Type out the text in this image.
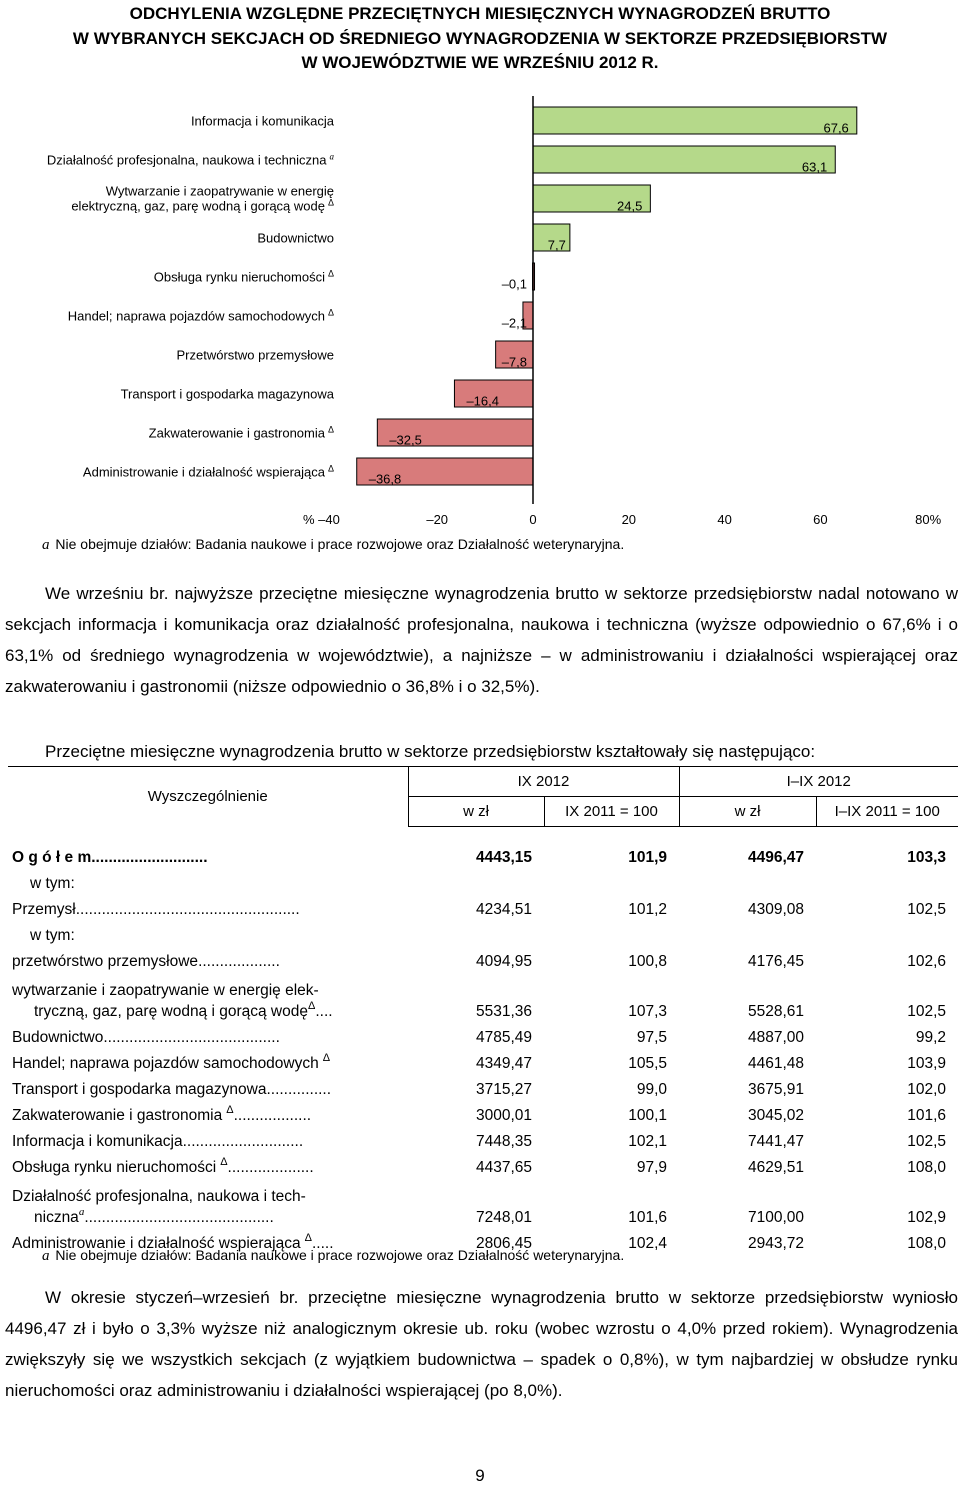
ODCHYLENIA WZGLĘDNE PRZECIĘTNYCH MIESIĘCZNYCH WYNAGRODZEŃ BRUTTO
W WYBRANYCH SEKCJACH OD ŚREDNIEGO WYNAGRODZENIA W SEKTORZE PRZEDSIĘBIORSTW
W WOJEWÓDZTWIE WE WRZEŚNIU 2012 R.
67,6
Informacja i komunikacja
63,1
Działalność profesjonalna, naukowa i techniczna $^a$
24,5
Wytwarzanie i zaopatrywanie w energię elektryczną, gaz, parę wodną i gorącą wodę $^\Delta$
7,7
Budownictwo
–0,1
Obsługa rynku nieruchomości $^\Delta$
–2,1
Handel; naprawa pojazdów samochodowych $^\Delta$
–7,8
Przetwórstwo przemysłowe
–16,4
Transport i gospodarka magazynowa
–32,5
Zakwaterowanie i gastronomia $^\Delta$
–36,8
Administrowanie i działalność wspierająca $^\Delta$
% –40	–20	0	20	40	60	80%
a Nie obejmuje działów: Badania naukowe i prace rozwojowe oraz Działalność weterynaryjna.

We wrześniu br. najwyższe przeciętne miesięczne wynagrodzenia brutto w sektorze przedsiębiorstw nadal notowano w sekcjach informacja i komunikacja oraz działalność profesjonalna, naukowa i techniczna (wyższe odpowiednio o 67,6% i o 63,1% od średniego wynagrodzenia w województwie), a najniższe – w administrowaniu i działalności wspierającej oraz zakwaterowaniu i gastronomii (niższe odpowiednio o 36,8% i o 32,5%).

Przeciętne miesięczne wynagrodzenia brutto w sektorze przedsiębiorstw kształtowały się następująco:

Wyszczególnienie	IX 2012		I–IX 2012	
	w zł	IX 2011 = 100	w zł	I–IX 2011 = 100

O g ó ł e m...........................	4443,15	101,9	4496,47	103,3
w tym:				
Przemysł....................................................	4234,51	101,2	4309,08	102,5
w tym:				
przetwórstwo przemysłowe...................	4094,95	100,8	4176,45	102,6
wytwarzanie i zaopatrywanie w energię elek-
tryczną, gaz, parę wodną i gorącą wodę$^\Delta$....	5531,36	107,3	5528,61	102,5
Budownictwo.........................................	4785,49	97,5	4887,00	99,2
Handel; naprawa pojazdów samochodowych $^\Delta$	4349,47	105,5	4461,48	103,9
Transport i gospodarka magazynowa...............	3715,27	99,0	3675,91	102,0
Zakwaterowanie i gastronomia $^\Delta$..................	3000,01	100,1	3045,02	101,6
Informacja i komunikacja............................	7448,35	102,1	7441,47	102,5
Obsługa rynku nieruchomości $^\Delta$....................	4437,65	97,9	4629,51	108,0
Działalność profesjonalna, naukowa i tech-
niczna$^a$............................................	7248,01	101,6	7100,00	102,9
Administrowanie i działalność wspierająca $^\Delta$.....	2806,45	102,4	2943,72	108,0
a Nie obejmuje działów: Badania naukowe i prace rozwojowe oraz Działalność weterynaryjna.

W okresie styczeń–wrzesień br. przeciętne miesięczne wynagrodzenia brutto w sektorze przedsiębiorstw wyniosło 4496,47 zł i było o 3,3% wyższe niż analogicznym okresie ub. roku (wobec wzrostu o 4,0% przed rokiem). Wynagrodzenia zwiększyły się we wszystkich sekcjach (z wyjątkiem budownictwa – spadek o 0,8%), w tym najbardziej w obsłudze rynku nieruchomości oraz administrowaniu i działalności wspierającej (po 8,0%).

9
